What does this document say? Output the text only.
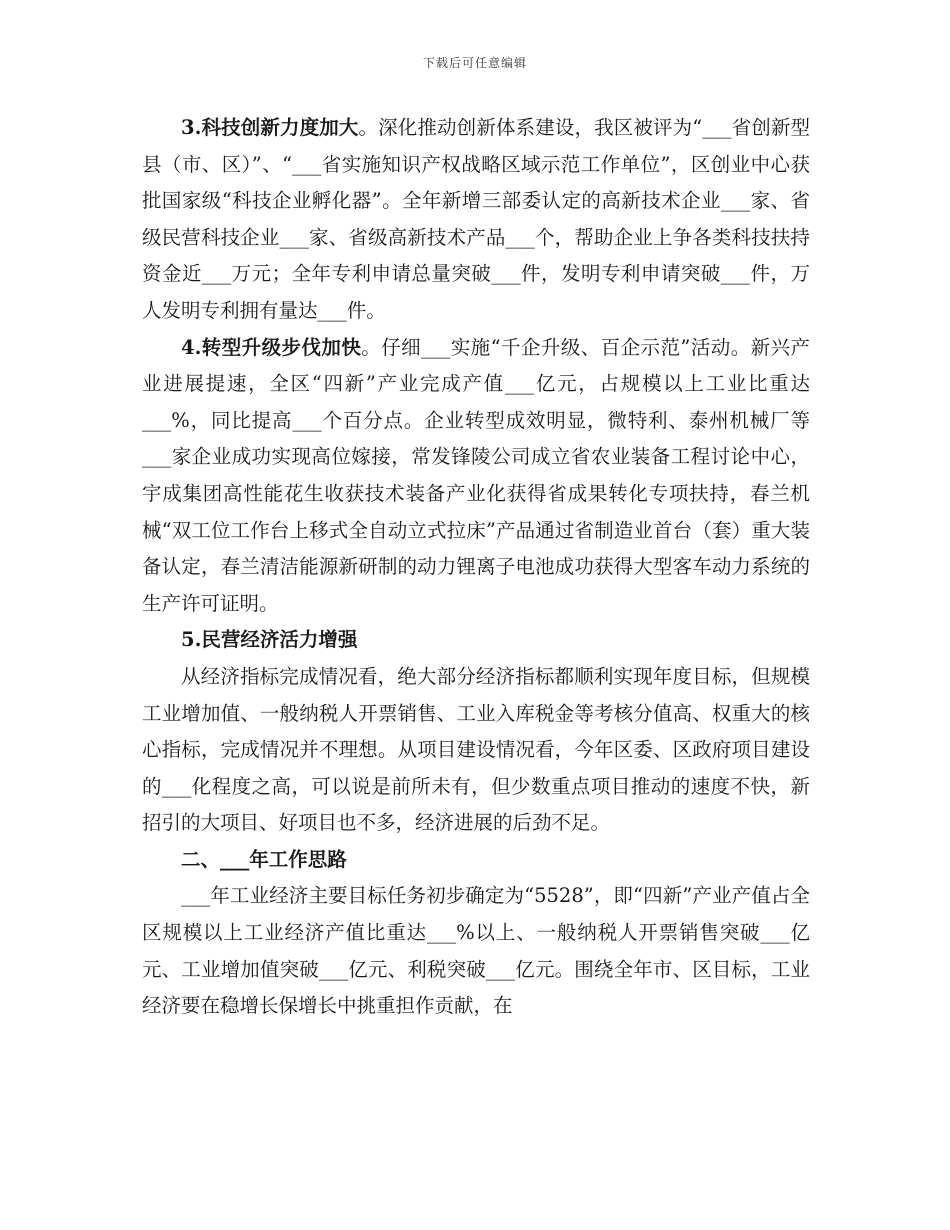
下载后可任意编辑

3.科技创新力度加大。深化推动创新体系建设，我区被评为“___省创新型县（市、区）”、“___省实施知识产权战略区域示范工作单位”，区创业中心获批国家级“科技企业孵化器”。全年新增三部委认定的高新技术企业___家、省级民营科技企业___家、省级高新技术产品___个，帮助企业上争各类科技扶持资金近___万元；全年专利申请总量突破___件，发明专利申请突破___件，万人发明专利拥有量达___件。

4.转型升级步伐加快。仔细___实施“千企升级、百企示范”活动。新兴产业进展提速，全区“四新”产业完成产值___亿元，占规模以上工业比重达___%，同比提高___个百分点。企业转型成效明显，微特利、泰州机械厂等___家企业成功实现高位嫁接，常发锋陵公司成立省农业装备工程讨论中心，宇成集团高性能花生收获技术装备产业化获得省成果转化专项扶持，春兰机械“双工位工作台上移式全自动立式拉床”产品通过省制造业首台（套）重大装备认定，春兰清洁能源新研制的动力锂离子电池成功获得大型客车动力系统的生产许可证明。

5.民营经济活力增强

从经济指标完成情况看，绝大部分经济指标都顺利实现年度目标，但规模工业增加值、一般纳税人开票销售、工业入库税金等考核分值高、权重大的核心指标，完成情况并不理想。从项目建设情况看，今年区委、区政府项目建设的___化程度之高，可以说是前所未有，但少数重点项目推动的速度不快，新招引的大项目、好项目也不多，经济进展的后劲不足。

二、___年工作思路

___年工业经济主要目标任务初步确定为“5528”，即“四新”产业产值占全区规模以上工业经济产值比重达___%以上、一般纳税人开票销售突破___亿元、工业增加值突破___亿元、利税突破___亿元。围绕全年市、区目标，工业经济要在稳增长保增长中挑重担作贡献，在
